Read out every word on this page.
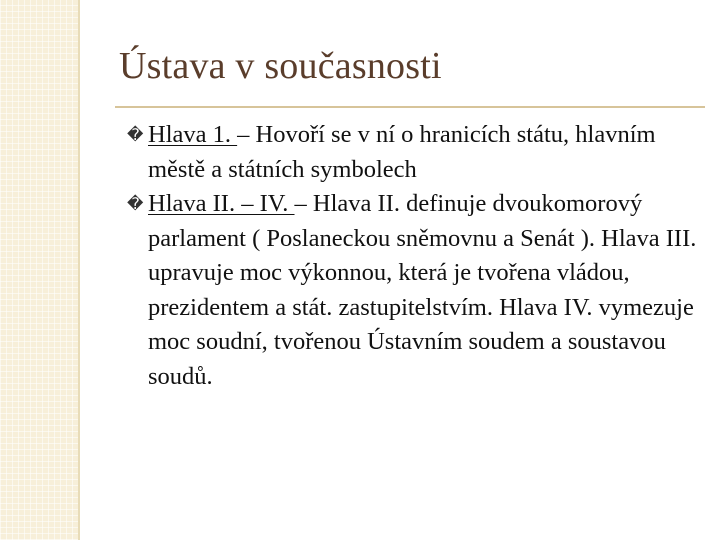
Ústava v současnosti

� Hlava 1. – Hovoří se v ní o hranicích státu, hlavním městě a státních symbolech

� Hlava II. – IV. – Hlava II. definuje dvoukomorový parlament ( Poslaneckou sněmovnu a Senát ). Hlava III. upravuje moc výkonnou, která je tvořena vládou, prezidentem a stát. zastupitelstvím. Hlava IV. vymezuje moc soudní, tvořenou Ústavním soudem a soustavou soudů.
